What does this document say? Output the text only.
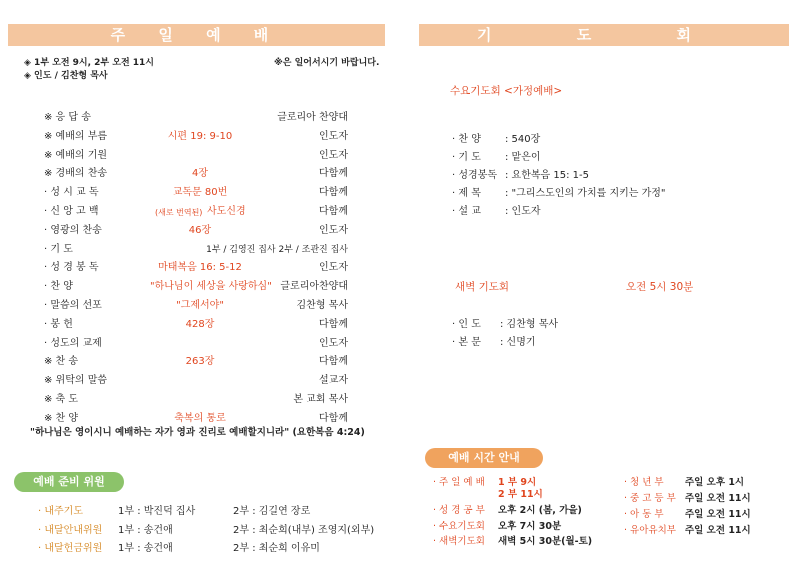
주 일 예 배
◈ 1부 오전 9시, 2부 오전 11시
◈ 인도 / 김찬형 목사
※은 일어서시기 바랍니다.
※ 응 답 송	글로리아 찬양대
※ 예배의 부름	시편 19: 9-10	인도자
※ 예배의 기원	인도자
※ 경배의 찬송	4장	다함께
· 성 시 교 독	교독문 80번	다함께
· 신 앙 고 백	(새로 번역된) 사도신경	다함께
· 영광의 찬송	46장	인도자
· 기 도	1부 / 김영진 집사 2부 / 조관진 집사
· 성 경 봉 독	마태복음 16: 5-12	인도자
· 찬 양	"하나님이 세상을 사랑하심" 글로리아찬양대
· 말씀의 선포	"그제서야"	김찬형 목사
· 봉 헌	428장	다함께
· 성도의 교제	인도자
※ 찬 송	263장	다함께
※ 위탁의 말씀	설교자
※ 축 도	본 교회 목사
※ 찬 양	축복의 통로	다함께
"하나님은 영이시니 예배하는 자가 영과 진리로 예배할지니라" (요한복음 4:24)
예배 준비 위원
· 내주기도	1부 : 박진덕 집사	2부 : 김길연 장로
· 내달안내위원 1부 : 송건애	2부 : 최순희(내부) 조영지(외부)
· 내달헌금위원 1부 : 송건애	2부 : 최순희 이유미
기 도 회
수요기도회 <가정예배>
· 찬 양 : 540장
· 기 도 : 맡은이
· 성경봉독 : 요한복음 15: 1-5
· 제 목 : "그리스도인의 가치를 지키는 가정"
· 설 교 : 인도자
새벽 기도회	오전 5시 30분
· 인 도 : 김찬형 목사
· 본 문 : 신명기
예배 시간 안내
· 주 일 예 배 1 부 9시
2 부 11시
· 성 경 공 부 오후 2시 (봄, 가을)
· 수요기도회 오후 7시 30분
· 새벽기도회 새벽 5시 30분(월-토)
· 청 년 부 주일 오후 1시
· 중 고 등 부 주일 오전 11시
· 아 동 부 주일 오전 11시
· 유아유치부 주일 오전 11시
